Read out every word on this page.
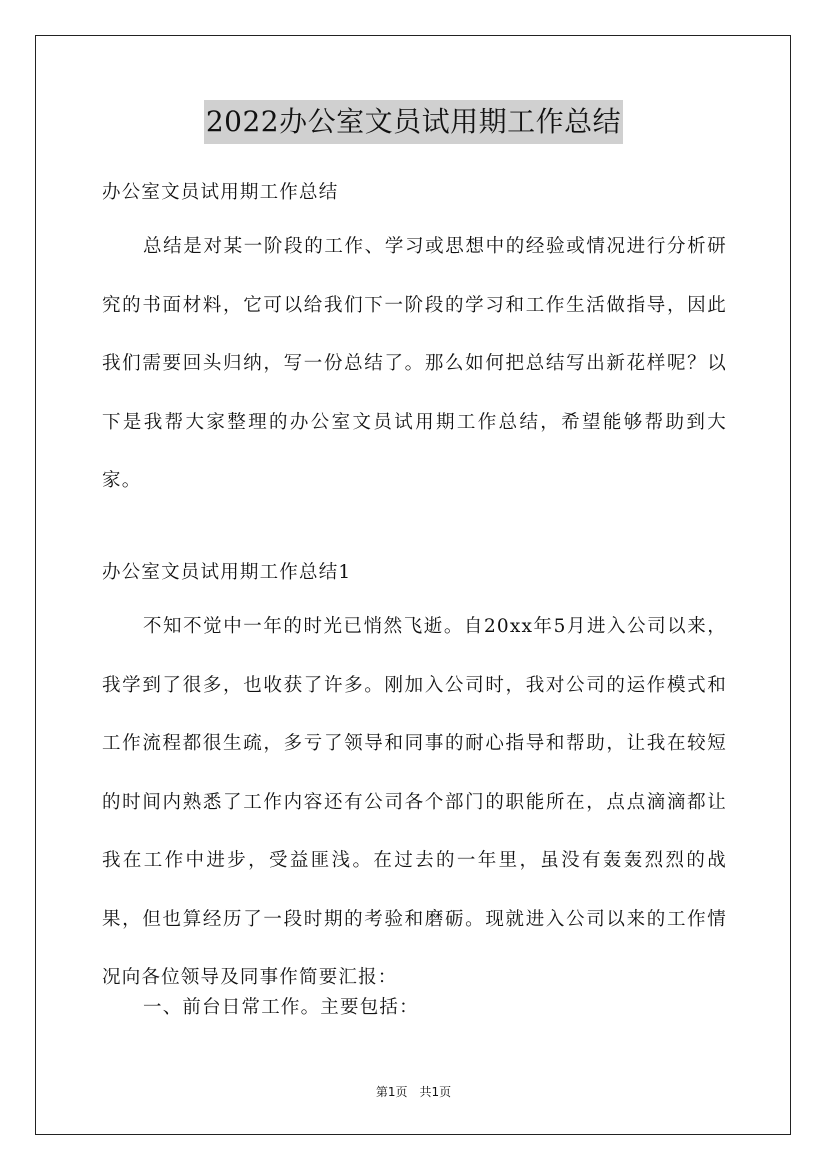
2022办公室文员试用期工作总结
办公室文员试用期工作总结
总结是对某一阶段的工作、学习或思想中的经验或情况进行分析研究的书面材料，它可以给我们下一阶段的学习和工作生活做指导，因此我们需要回头归纳，写一份总结了。那么如何把总结写出新花样呢？以下是我帮大家整理的办公室文员试用期工作总结，希望能够帮助到大家。
办公室文员试用期工作总结1
不知不觉中一年的时光已悄然飞逝。自20xx年5月进入公司以来，我学到了很多，也收获了许多。刚加入公司时，我对公司的运作模式和工作流程都很生疏，多亏了领导和同事的耐心指导和帮助，让我在较短的时间内熟悉了工作内容还有公司各个部门的职能所在，点点滴滴都让我在工作中进步，受益匪浅。在过去的一年里，虽没有轰轰烈烈的战果，但也算经历了一段时期的考验和磨砺。现就进入公司以来的工作情况向各位领导及同事作简要汇报：
一、前台日常工作。主要包括：
第1页　共1页
